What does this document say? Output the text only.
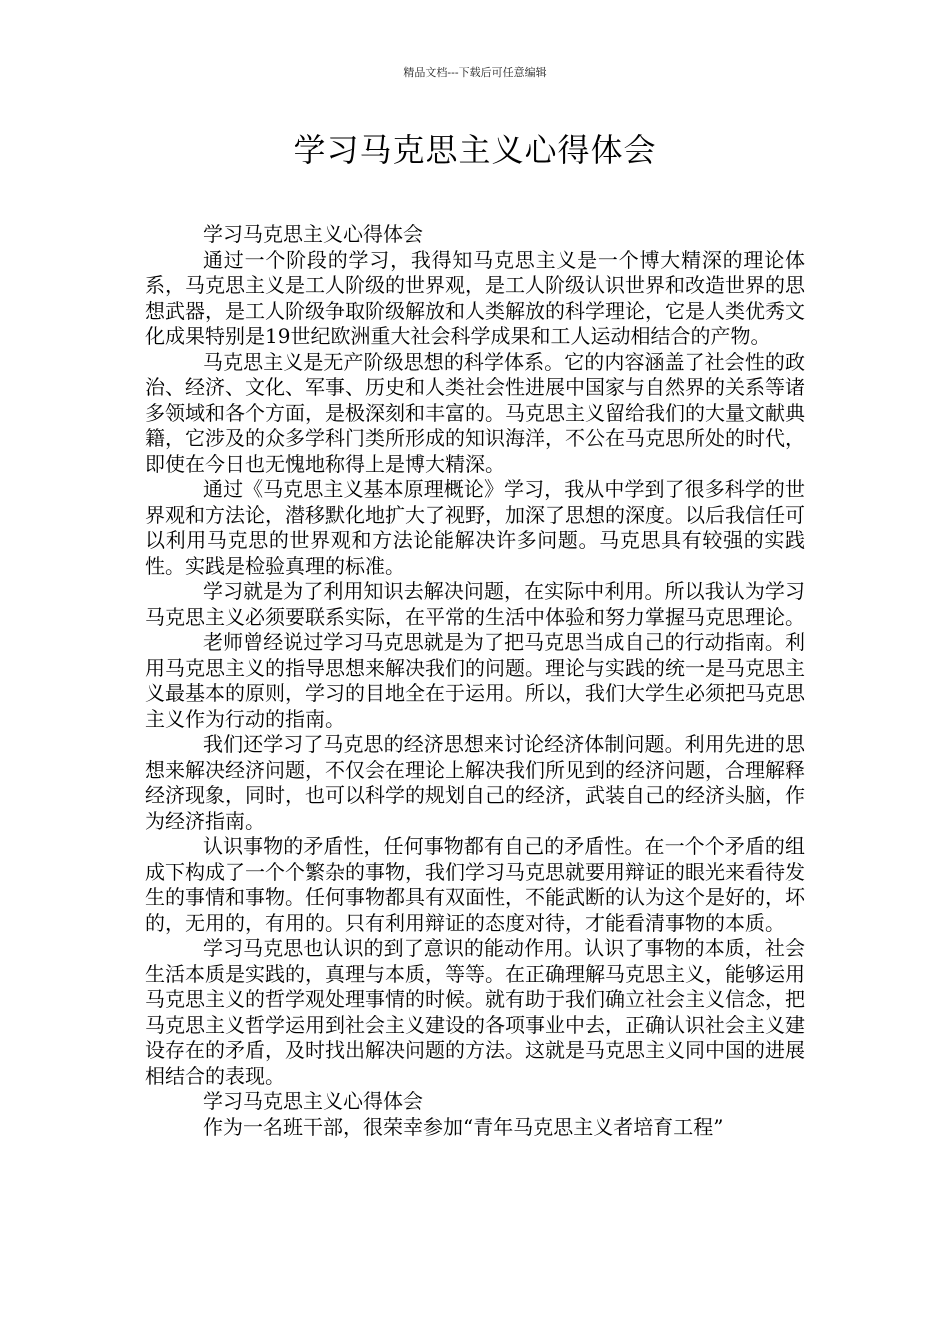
精品文档---下载后可任意编辑
学习马克思主义心得体会

学习马克思主义心得体会

通过一个阶段的学习，我得知马克思主义是一个博大精深的理论体系，马克思主义是工人阶级的世界观，是工人阶级认识世界和改造世界的思想武器，是工人阶级争取阶级解放和人类解放的科学理论，它是人类优秀文化成果特别是19世纪欧洲重大社会科学成果和工人运动相结合的产物。

马克思主义是无产阶级思想的科学体系。它的内容涵盖了社会性的政治、经济、文化、军事、历史和人类社会性进展中国家与自然界的关系等诸多领域和各个方面，是极深刻和丰富的。马克思主义留给我们的大量文献典籍，它涉及的众多学科门类所形成的知识海洋，不公在马克思所处的时代，即使在今日也无愧地称得上是博大精深。

通过《马克思主义基本原理概论》学习，我从中学到了很多科学的世界观和方法论，潜移默化地扩大了视野，加深了思想的深度。以后我信任可以利用马克思的世界观和方法论能解决许多问题。马克思具有较强的实践性。实践是检验真理的标准。

学习就是为了利用知识去解决问题，在实际中利用。所以我认为学习马克思主义必须要联系实际，在平常的生活中体验和努力掌握马克思理论。

老师曾经说过学习马克思就是为了把马克思当成自己的行动指南。利用马克思主义的指导思想来解决我们的问题。理论与实践的统一是马克思主义最基本的原则，学习的目地全在于运用。所以，我们大学生必须把马克思主义作为行动的指南。

我们还学习了马克思的经济思想来讨论经济体制问题。利用先进的思想来解决经济问题，不仅会在理论上解决我们所见到的经济问题，合理解释经济现象，同时，也可以科学的规划自己的经济，武装自己的经济头脑，作为经济指南。

认识事物的矛盾性，任何事物都有自己的矛盾性。在一个个矛盾的组成下构成了一个个繁杂的事物，我们学习马克思就要用辩证的眼光来看待发生的事情和事物。任何事物都具有双面性，不能武断的认为这个是好的，坏的，无用的，有用的。只有利用辩证的态度对待，才能看清事物的本质。

学习马克思也认识的到了意识的能动作用。认识了事物的本质，社会生活本质是实践的，真理与本质，等等。在正确理解马克思主义，能够运用马克思主义的哲学观处理事情的时候。就有助于我们确立社会主义信念，把马克思主义哲学运用到社会主义建设的各项事业中去，正确认识社会主义建设存在的矛盾，及时找出解决问题的方法。这就是马克思主义同中国的进展相结合的表现。

学习马克思主义心得体会

作为一名班干部，很荣幸参加“青年马克思主义者培育工程”
